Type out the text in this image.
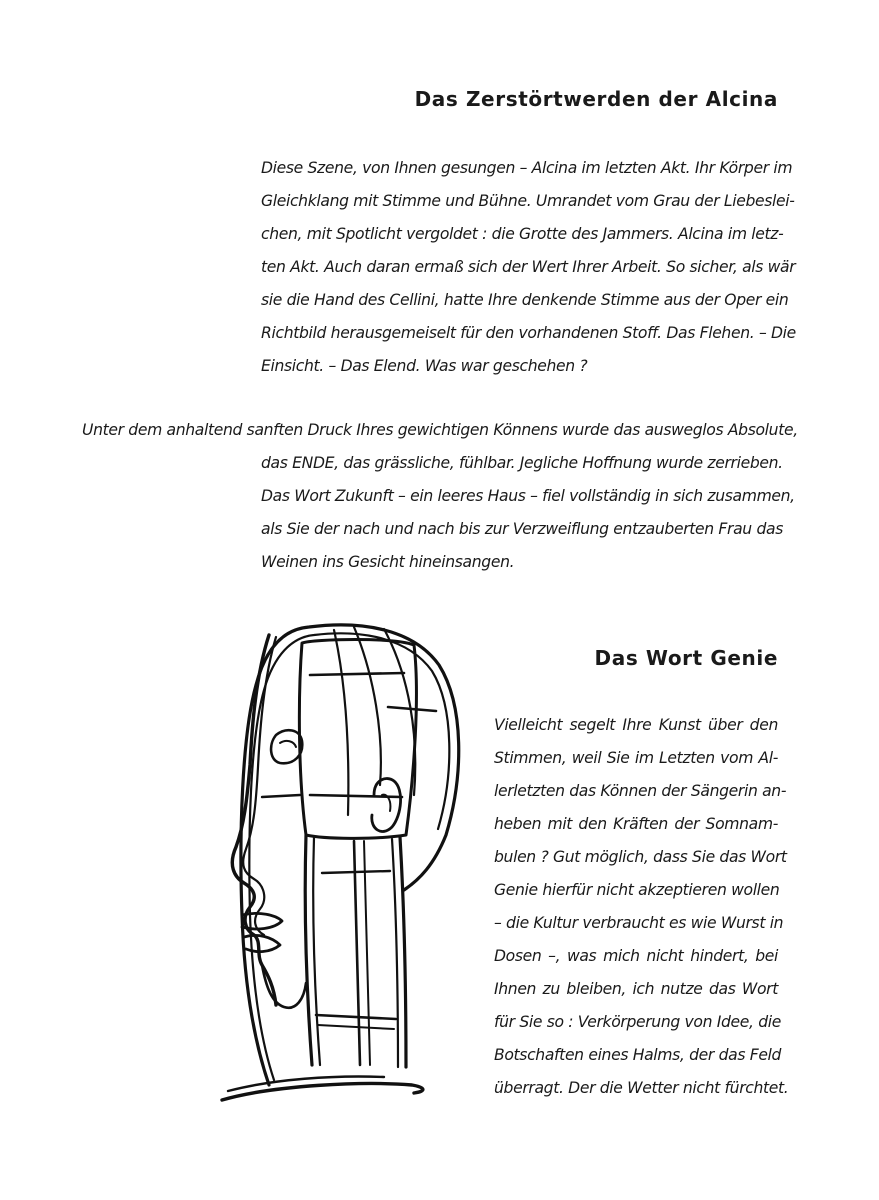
Das Zerstörtwerden der Alcina

Diese Szene, von Ihnen gesungen – Alcina im letzten Akt. Ihr Körper im
Gleichklang mit Stimme und Bühne. Umrandet vom Grau der Liebeslei-
chen, mit Spotlicht vergoldet : die Grotte des Jammers. Alcina im letz-
ten Akt. Auch daran ermaß sich der Wert Ihrer Arbeit. So sicher, als wär
sie die Hand des Cellini, hatte Ihre denkende Stimme aus der Oper ein
Richtbild herausgemeiselt für den vorhandenen Stoff. Das Flehen. – Die
Einsicht. – Das Elend. Was war geschehen ?

Unter dem anhaltend sanften Druck Ihres gewichtigen Könnens wurde das ausweglos Absolute,
das ENDE, das grässliche, fühlbar. Jegliche Hoffnung wurde zerrieben.
Das Wort Zukunft – ein leeres Haus – fiel vollständig in sich zusammen,
als Sie der nach und nach bis zur Verzweiflung entzauberten Frau das
Weinen ins Gesicht hineinsangen.

Das Wort Genie

Vielleicht segelt Ihre Kunst über den
Stimmen, weil Sie im Letzten vom Al-
lerletzten das Können der Sängerin an-
heben mit den Kräften der Somnam-
bulen ? Gut möglich, dass Sie das Wort
Genie hierfür nicht akzeptieren wollen
– die Kultur verbraucht es wie Wurst in
Dosen –, was mich nicht hindert, bei
Ihnen zu bleiben, ich nutze das Wort
für Sie so : Verkörperung von Idee, die
Botschaften eines Halms, der das Feld
überragt. Der die Wetter nicht fürchtet.
